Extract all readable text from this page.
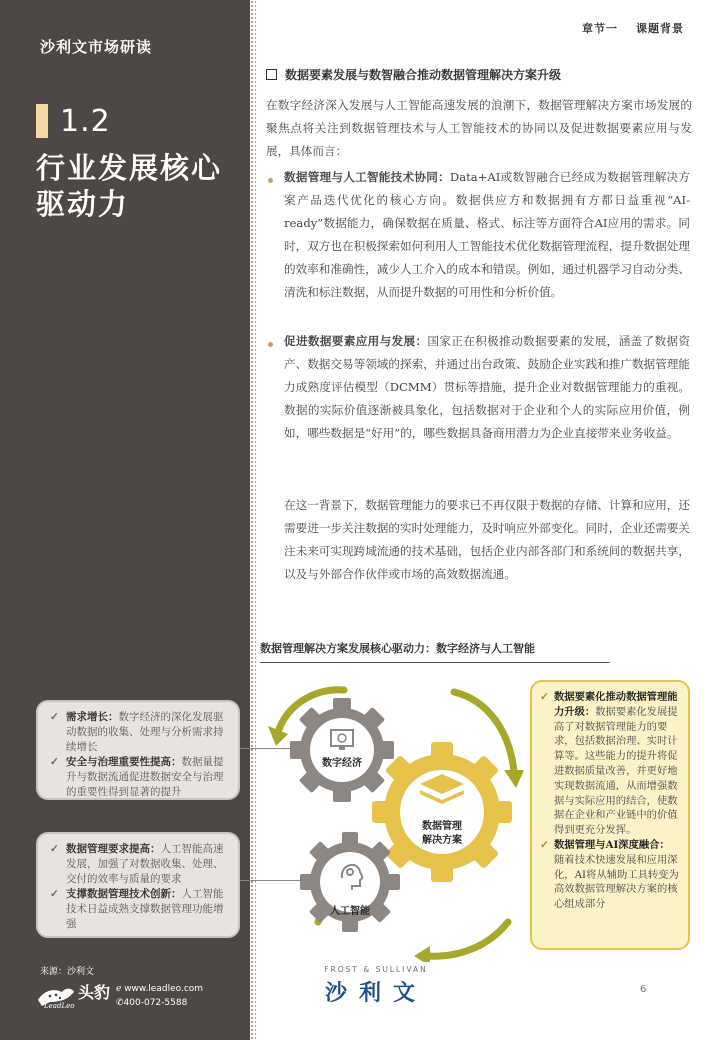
沙利文市场研读
1.2
行业发展核心驱动力
来源：沙利文
头豹
LeadLeo
ℯ www.leadleo.com
✆400-072-5588
✓ 需求增长：数字经济的深化发展驱动数据的收集、处理与分析需求持续增长
✓ 安全与治理重要性提高：数据量提升与数据流通促进数据安全与治理的重要性得到显著的提升
✓ 数据管理要求提高：人工智能高速发展，加强了对数据收集、处理、交付的效率与质量的要求
✓ 支撑数据管理技术创新：人工智能技术日益成熟支撑数据管理功能增强
章节一 课题背景
数据要素发展与数智融合推动数据管理解决方案升级
在数字经济深入发展与人工智能高速发展的浪潮下，数据管理解决方案市场发展的聚焦点将关注到数据管理技术与人工智能技术的协同以及促进数据要素应用与发展，具体而言：
数据管理与人工智能技术协同：Data+AI或数智融合已经成为数据管理解决方案产品迭代优化的核心方向。数据供应方和数据拥有方都日益重视“AI-ready”数据能力，确保数据在质量、格式、标注等方面符合AI应用的需求。同时，双方也在积极探索如何利用人工智能技术优化数据管理流程，提升数据处理的效率和准确性，减少人工介入的成本和错误。例如，通过机器学习自动分类、清洗和标注数据，从而提升数据的可用性和分析价值。
促进数据要素应用与发展：国家正在积极推动数据要素的发展，涵盖了数据资产、数据交易等领域的探索，并通过出台政策、鼓励企业实践和推广数据管理能力成熟度评估模型（DCMM）贯标等措施，提升企业对数据管理能力的重视。数据的实际价值逐渐被具象化，包括数据对于企业和个人的实际应用价值，例如，哪些数据是“好用”的，哪些数据具备商用潜力为企业直接带来业务收益。
在这一背景下，数据管理能力的要求已不再仅限于数据的存储、计算和应用，还需要进一步关注数据的实时处理能力，及时响应外部变化。同时，企业还需要关注未来可实现跨域流通的技术基础，包括企业内部各部门和系统间的数据共享，以及与外部合作伙伴或市场的高效数据流通。
数据管理解决方案发展核心驱动力：数字经济与人工智能
数字经济
数据管理
解决方案
人工智能
✓ 数据要素化推动数据管理能力升级：数据要素化发展提高了对数据管理能力的要求，包括数据治理、实时计算等。这些能力的提升将促进数据质量改善，并更好地实现数据流通，从而增强数据与实际应用的结合，使数据在企业和产业链中的价值得到更充分发挥。
✓ 数据管理与AI深度融合：随着技术快速发展和应用深化，AI将从辅助工具转变为高效数据管理解决方案的核心组成部分
FROST & SULLIVAN
沙利文	6
